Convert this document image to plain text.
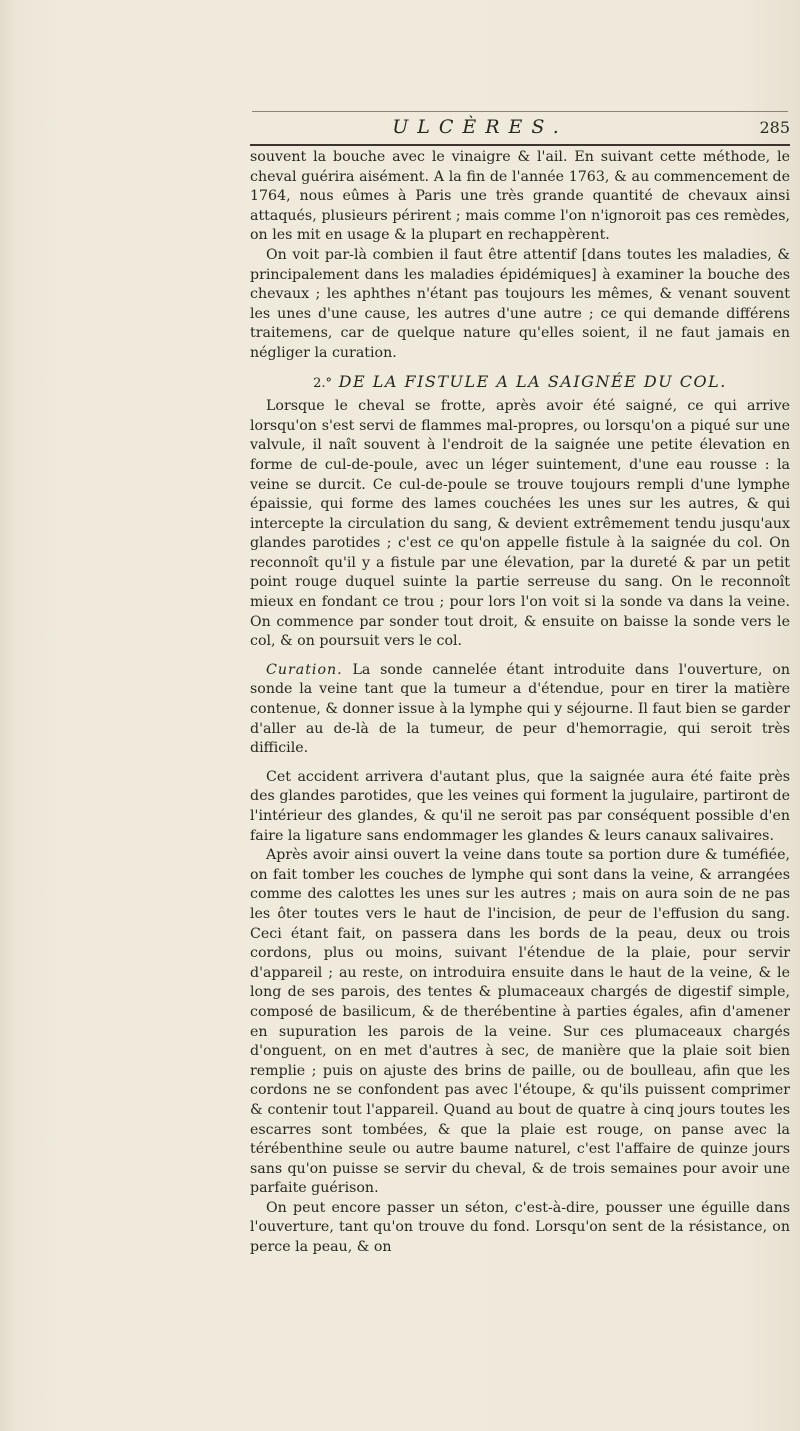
ULCÈRES.	285

souvent la bouche avec le vinaigre & l'ail. En suivant cette méthode, le cheval guérira aisément. A la fin de l'année 1763, & au commencement de 1764, nous eûmes à Paris une très grande quantité de chevaux ainsi attaqués, plusieurs périrent ; mais comme l'on n'ignoroit pas ces remèdes, on les mit en usage & la plupart en rechappèrent.

On voit par-là combien il faut être attentif [dans toutes les maladies, & principalement dans les maladies épidémiques] à examiner la bouche des chevaux ; les aphthes n'étant pas toujours les mêmes, & venant souvent les unes d'une cause, les autres d'une autre ; ce qui demande différens traitemens, car de quelque nature qu'elles soient, il ne faut jamais en négliger la curation.

2.° DE LA FISTULE A LA SAIGNÉE DU COL.

Lorsque le cheval se frotte, après avoir été saigné, ce qui arrive lorsqu'on s'est servi de flammes mal-propres, ou lorsqu'on a piqué sur une valvule, il naît souvent à l'endroit de la saignée une petite élevation en forme de cul-de-poule, avec un léger suintement, d'une eau rousse : la veine se durcit. Ce cul-de-poule se trouve toujours rempli d'une lymphe épaissie, qui forme des lames couchées les unes sur les autres, & qui intercepte la circulation du sang, & devient extrêmement tendu jusqu'aux glandes parotides ; c'est ce qu'on appelle fistule à la saignée du col. On reconnoît qu'il y a fistule par une élevation, par la dureté & par un petit point rouge duquel suinte la partie serreuse du sang. On le reconnoît mieux en fondant ce trou ; pour lors l'on voit si la sonde va dans la veine. On commence par sonder tout droit, & ensuite on baisse la sonde vers le col, & on poursuit vers le col.

Curation. La sonde cannelée étant introduite dans l'ouverture, on sonde la veine tant que la tumeur a d'étendue, pour en tirer la matière contenue, & donner issue à la lymphe qui y séjourne. Il faut bien se garder d'aller au de-là de la tumeur, de peur d'hemorragie, qui seroit très difficile.

Cet accident arrivera d'autant plus, que la saignée aura été faite près des glandes parotides, que les veines qui forment la jugulaire, partiront de l'intérieur des glandes, & qu'il ne seroit pas par conséquent possible d'en faire la ligature sans endommager les glandes & leurs canaux salivaires.

Après avoir ainsi ouvert la veine dans toute sa portion dure & tuméfiée, on fait tomber les couches de lymphe qui sont dans la veine, & arrangées comme des calottes les unes sur les autres ; mais on aura soin de ne pas les ôter toutes vers le haut de l'incision, de peur de l'effusion du sang. Ceci étant fait, on passera dans les bords de la peau, deux ou trois cordons, plus ou moins, suivant l'étendue de la plaie, pour servir d'appareil ; au reste, on introduira ensuite dans le haut de la veine, & le long de ses parois, des tentes & plumaceaux chargés de digestif simple, composé de basilicum, & de therébentine à parties égales, afin d'amener en supuration les parois de la veine. Sur ces plumaceaux chargés d'onguent, on en met d'autres à sec, de manière que la plaie soit bien remplie ; puis on ajuste des brins de paille, ou de boulleau, afin que les cordons ne se confondent pas avec l'étoupe, & qu'ils puissent comprimer & contenir tout l'appareil. Quand au bout de quatre à cinq jours toutes les escarres sont tombées, & que la plaie est rouge, on panse avec la térébenthine seule ou autre baume naturel, c'est l'affaire de quinze jours sans qu'on puisse se servir du cheval, & de trois semaines pour avoir une parfaite guérison.

On peut encore passer un séton, c'est-à-dire, pousser une éguille dans l'ouverture, tant qu'on trouve du fond. Lorsqu'on sent de la résistance, on perce la peau, & on
